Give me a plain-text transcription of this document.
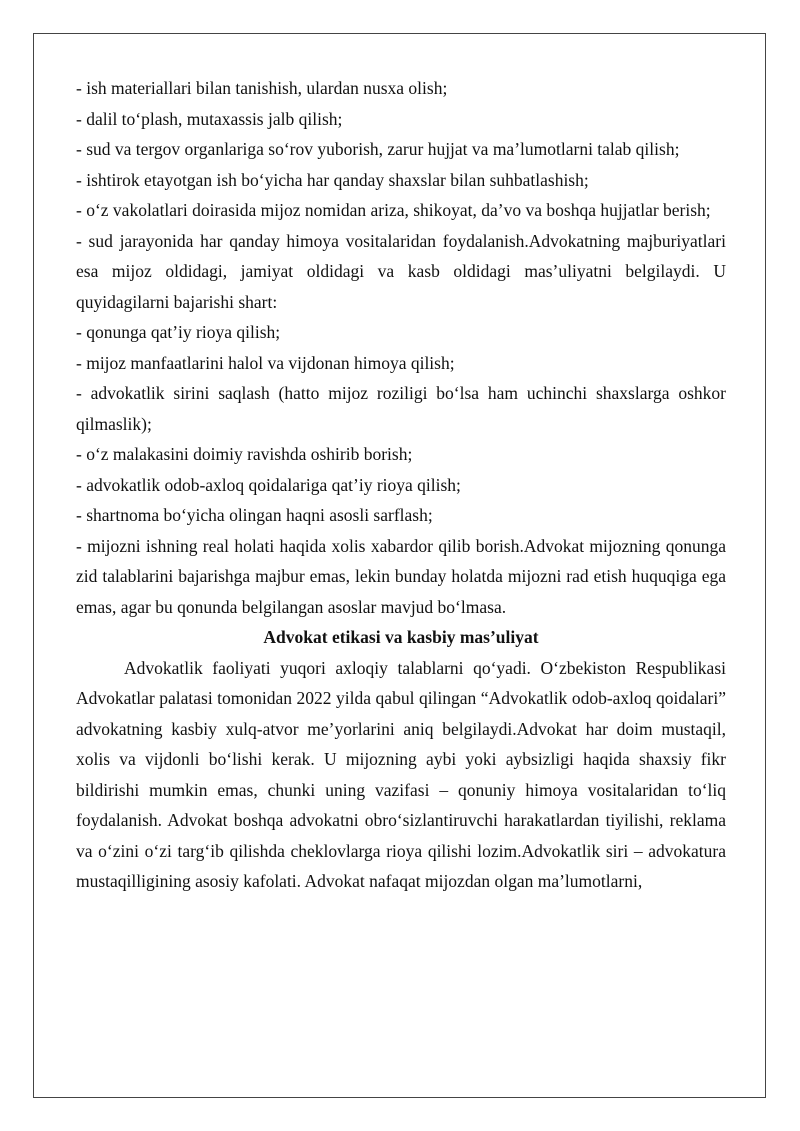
- ish materiallari bilan tanishish, ulardan nusxa olish;

- dalil to‘plash, mutaxassis jalb qilish;

- sud va tergov organlariga so‘rov yuborish, zarur hujjat va ma’lumotlarni talab qilish;

- ishtirok etayotgan ish bo‘yicha har qanday shaxslar bilan suhbatlashish;

- o‘z vakolatlari doirasida mijoz nomidan ariza, shikoyat, da’vo va boshqa hujjatlar berish;

- sud jarayonida har qanday himoya vositalaridan foydalanish.Advokatning majburiyatlari esa mijoz oldidagi, jamiyat oldidagi va kasb oldidagi mas’uliyatni belgilaydi. U quyidagilarni bajarishi shart:

- qonunga qat’iy rioya qilish;

- mijoz manfaatlarini halol va vijdonan himoya qilish;

- advokatlik sirini saqlash (hatto mijoz roziligi bo‘lsa ham uchinchi shaxslarga oshkor qilmaslik);

- o‘z malakasini doimiy ravishda oshirib borish;

- advokatlik odob-axloq qoidalariga qat’iy rioya qilish;

- shartnoma bo‘yicha olingan haqni asosli sarflash;

- mijozni ishning real holati haqida xolis xabardor qilib borish.Advokat mijozning qonunga zid talablarini bajarishga majbur emas, lekin bunday holatda mijozni rad etish huquqiga ega emas, agar bu qonunda belgilangan asoslar mavjud bo‘lmasa.

Advokat etikasi va kasbiy mas’uliyat

Advokatlik faoliyati yuqori axloqiy talablarni qo‘yadi. O‘zbekiston Respublikasi Advokatlar palatasi tomonidan 2022 yilda qabul qilingan “Advokatlik odob-axloq qoidalari” advokatning kasbiy xulq-atvor me’yorlarini aniq belgilaydi.Advokat har doim mustaqil, xolis va vijdonli bo‘lishi kerak. U mijozning aybi yoki aybsizligi haqida shaxsiy fikr bildirishi mumkin emas, chunki uning vazifasi – qonuniy himoya vositalaridan to‘liq foydalanish. Advokat boshqa advokatni obro‘sizlantiruvchi harakatlardan tiyilishi, reklama va o‘zini o‘zi targ‘ib qilishda cheklovlarga rioya qilishi lozim.Advokatlik siri – advokatura mustaqilligining asosiy kafolati. Advokat nafaqat mijozdan olgan ma’lumotlarni,
